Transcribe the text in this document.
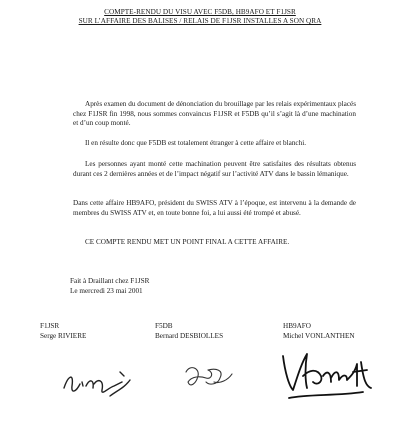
COMPTE-RENDU DU VISU AVEC F5DB, HB9AFO ET F1JSR
SUR L’AFFAIRE DES BALISES / RELAIS DE F1JSR INSTALLES A SON QRA

Après examen du document de dénonciation du brouillage par les relais expérimentaux placés chez F1JSR fin 1998, nous sommes convaincus F1JSR et F5DB qu’il s’agit là d’une machination et d’un coup monté.

Il en résulte donc que F5DB est totalement étranger à cette affaire et blanchi.

Les personnes ayant monté cette machination peuvent être satisfaites des résultats obtenus durant ces 2 dernières années et de l’impact négatif sur l’activité ATV dans le bassin lémanique.

Dans cette affaire HB9AFO, président du SWISS ATV à l’époque, est intervenu à la demande de membres du SWISS ATV et, en toute bonne foi, a lui aussi été trompé et abusé.

CE COMPTE RENDU MET UN POINT FINAL A CETTE AFFAIRE.

Fait à Draillant chez F1JSR
Le mercredi 23 mai 2001
F1JSR
Serge RIVIERE
F5DB
Bernard DESBIOLLES
HB9AFO
Michel VONLANTHEN
